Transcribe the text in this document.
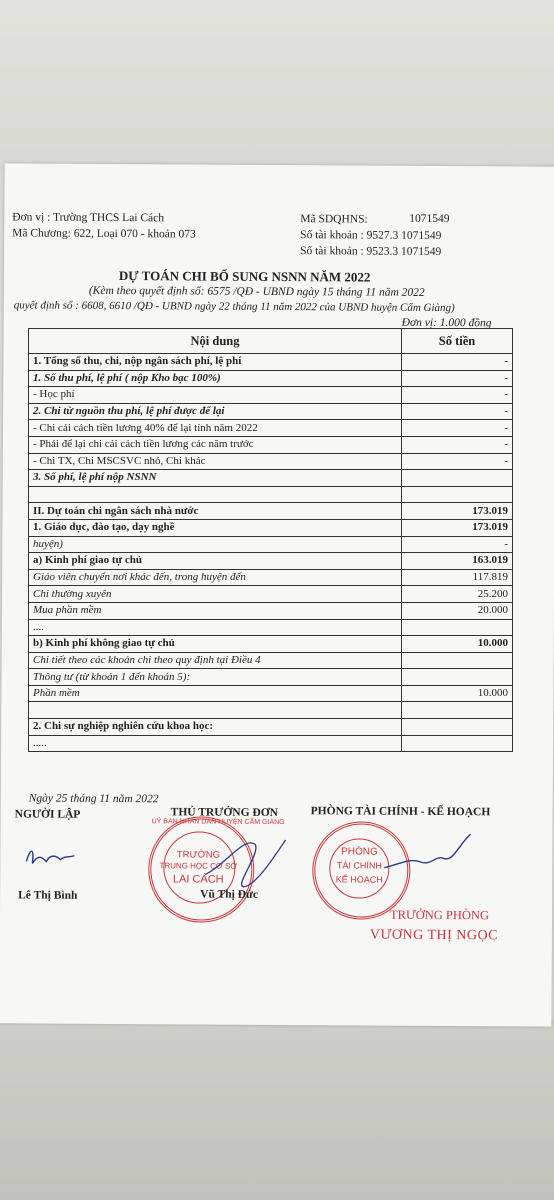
Đơn vị : Trường THCS Lai Cách
Mã Chương: 622, Loại 070 - khoản 073
Mã SDQHNS:	1071549
Số tài khoản : 9527.3 1071549
Số tài khoản : 9523.3 1071549
DỰ TOÁN CHI BỔ SUNG NSNN NĂM 2022
(Kèm theo quyết định số: 6575 /QĐ - UBND ngày 15 tháng 11 năm 2022
quyết định số : 6608, 6610 /QĐ - UBND ngày 22 tháng 11 năm 2022 của UBND huyện Cẩm Giàng)
Đơn vị: 1.000 đồng
Ngày 25 tháng 11 năm 2022
NGƯỜI LẬP	THỦ TRƯỞNG ĐƠN	PHÒNG TÀI CHÍNH - KẾ HOẠCH
Lê Thị Bình
UỶ BAN NHÂN DÂN HUYỆN CẨM GIÀNG
TRƯỜNG
TRUNG HỌC CƠ SỞ
LAI CÁCH
Vũ Thị Đức
PHÒNG
TÀI CHÍNH
KẾ HOẠCH
TRƯỞNG PHÒNG
VƯƠNG THỊ NGỌC
Nội dung	Số tiền
1. Tổng số thu, chi, nộp ngân sách phí, lệ phí	-
1. Số thu phí, lệ phí ( nộp Kho bạc 100%)	-
- Học phí	-
2. Chi từ nguồn thu phí, lệ phí được để lại	-
- Chi cải cách tiền lương 40% để lại tính năm 2022	-
- Phải để lại chi cải cách tiền lương các năm trước	-
- Chi TX, Chi MSCSVC nhỏ, Chi khác	-
3. Số phí, lệ phí nộp NSNN	

II. Dự toán chi ngân sách nhà nước	173.019
1. Giáo dục, đào tạo, dạy nghề	173.019
huyện)	-
a) Kinh phí giao tự chủ	163.019
Giáo viên chuyển nơi khác đến, trong huyện đến	117.819
Chi thường xuyên	25.200
Mua phần mềm	20.000
....	
b) Kinh phí không giao tự chủ	10.000
Chi tiết theo các khoản chi theo quy định tại Điều 4	
Thông tư (từ khoản 1 đến khoản 5):	
Phần mềm	10.000

2. Chi sự nghiệp nghiên cứu khoa học:	
.....	
